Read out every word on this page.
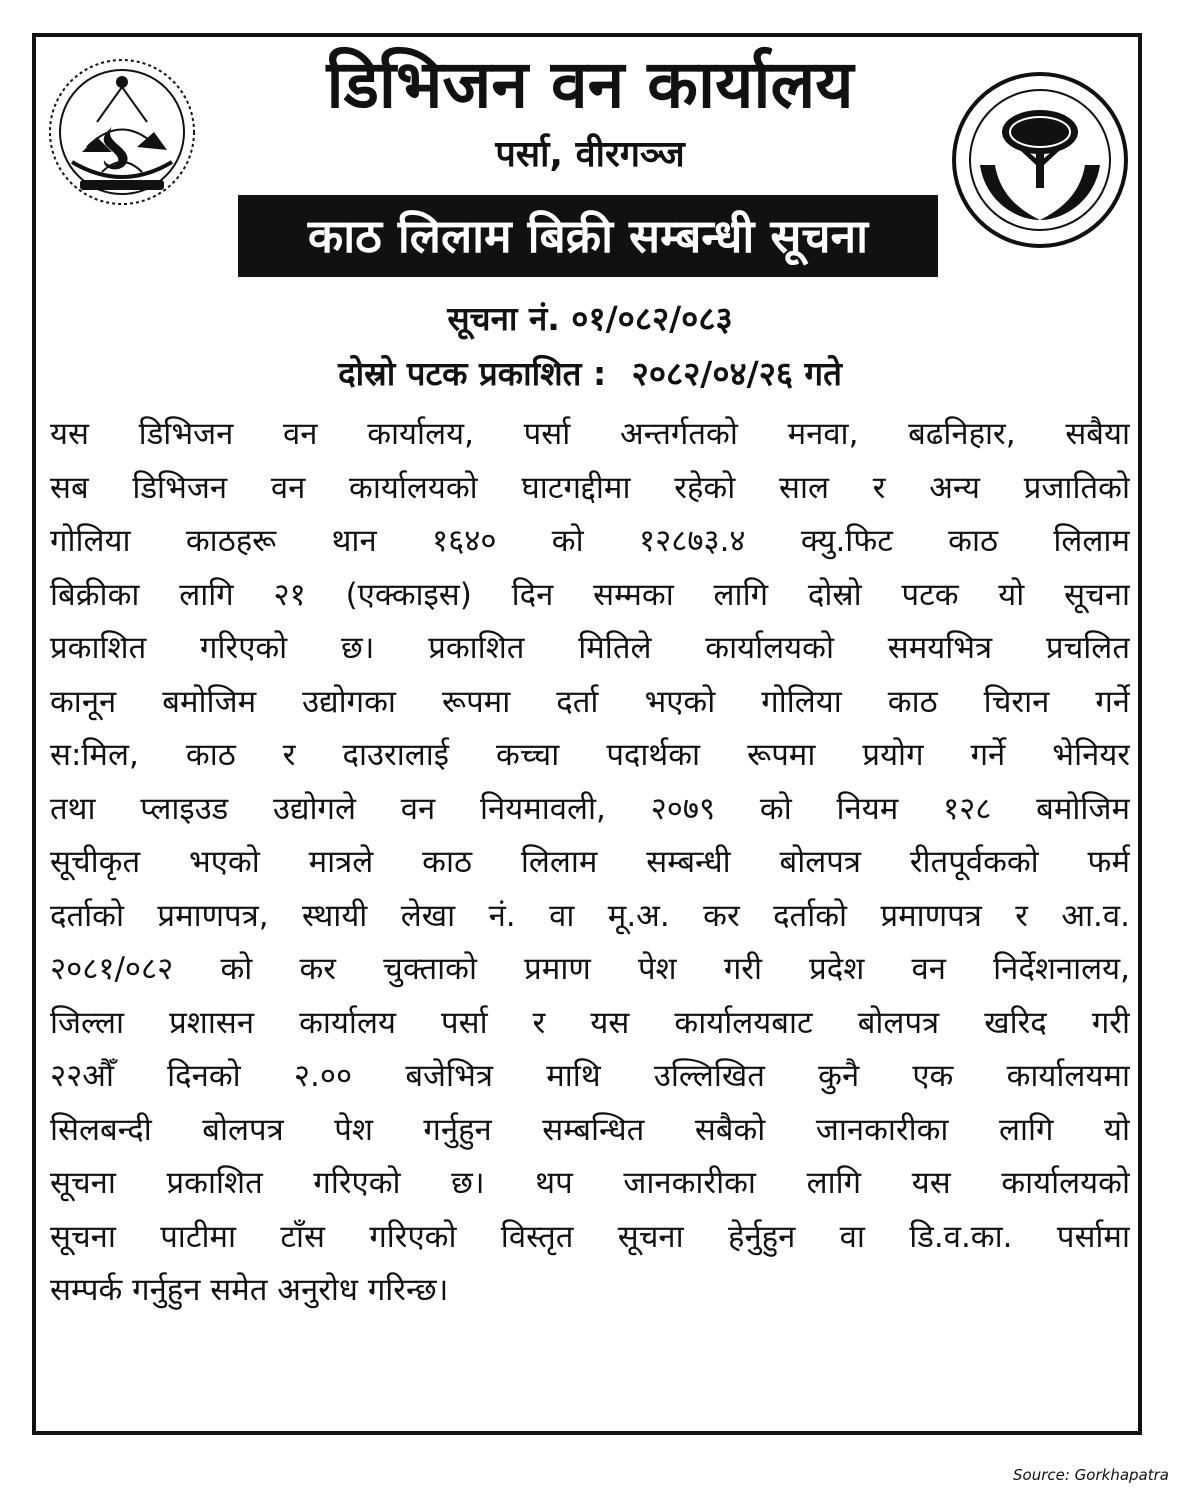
डिभिजन वन कार्यालय

पर्सा, वीरगञ्ज

काठ लिलाम बिक्री सम्बन्धी सूचना
सूचना नं. ०१/०८२/०८३
दोस्रो पटक प्रकाशित : २०८२/०४/२६ गते
यस डिभिजन वन कार्यालय, पर्सा अन्तर्गतको मनवा, बढनिहार, सबैया
सब डिभिजन वन कार्यालयको घाटगद्दीमा रहेको साल र अन्य प्रजातिको
गोलिया काठहरू थान १६४० को १२८७३.४ क्यु.फिट काठ लिलाम
बिक्रीका लागि २१ (एक्काइस) दिन सम्मका लागि दोस्रो पटक यो सूचना
प्रकाशित गरिएको छ। प्रकाशित मितिले कार्यालयको समयभित्र प्रचलित
कानून बमोजिम उद्योगका रूपमा दर्ता भएको गोलिया काठ चिरान गर्ने
स:मिल, काठ र दाउरालाई कच्चा पदार्थका रूपमा प्रयोग गर्ने भेनियर
तथा प्लाइउड उद्योगले वन नियमावली, २०७९ को नियम १२८ बमोजिम
सूचीकृत भएको मात्रले काठ लिलाम सम्बन्धी बोलपत्र रीतपूर्वकको फर्म
दर्ताको प्रमाणपत्र, स्थायी लेखा नं. वा मू.अ. कर दर्ताको प्रमाणपत्र र आ.व.
२०८१/०८२ को कर चुक्ताको प्रमाण पेश गरी प्रदेश वन निर्देशनालय,
जिल्ला प्रशासन कार्यालय पर्सा र यस कार्यालयबाट बोलपत्र खरिद गरी
२२औँ दिनको २.०० बजेभित्र माथि उल्लिखित कुनै एक कार्यालयमा
सिलबन्दी बोलपत्र पेश गर्नुहुन सम्बन्धित सबैको जानकारीका लागि यो
सूचना प्रकाशित गरिएको छ। थप जानकारीका लागि यस कार्यालयको
सूचना पाटीमा टाँस गरिएको विस्तृत सूचना हेर्नुहुन वा डि.व.का. पर्सामा
सम्पर्क गर्नुहुन समेत अनुरोध गरिन्छ।
Source: Gorkhapatra
